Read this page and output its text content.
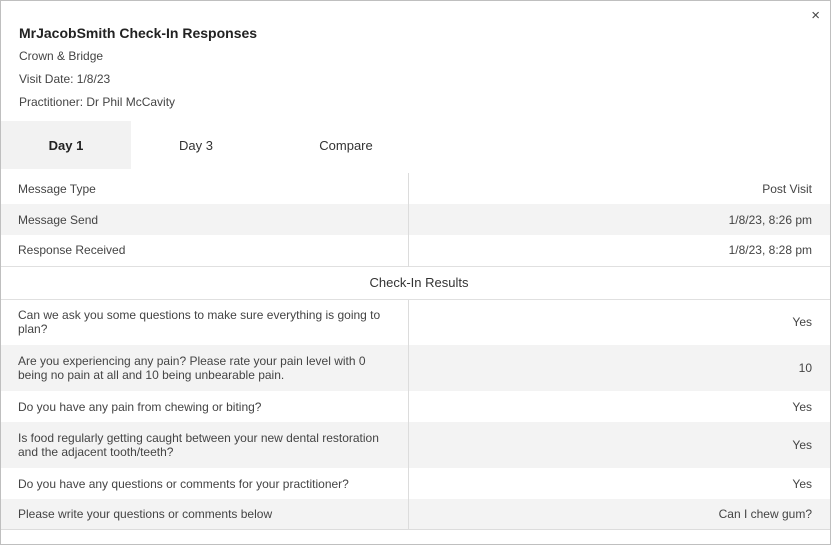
×
MrJacobSmith Check-In Responses
Crown & Bridge
Visit Date: 1/8/23
Practitioner: Dr Phil McCavity
Day 1	Day 3	Compare
Message Type	Post Visit
Message Send	1/8/23, 8:26 pm
Response Received	1/8/23, 8:28 pm
Check-In Results	
Can we ask you some questions to make sure everything is going to plan?	Yes
Are you experiencing any pain? Please rate your pain level with 0 being no pain at all and 10 being unbearable pain.	10
Do you have any pain from chewing or biting?	Yes
Is food regularly getting caught between your new dental restoration and the adjacent tooth/teeth?	Yes
Do you have any questions or comments for your practitioner?	Yes
Please write your questions or comments below	Can I chew gum?
